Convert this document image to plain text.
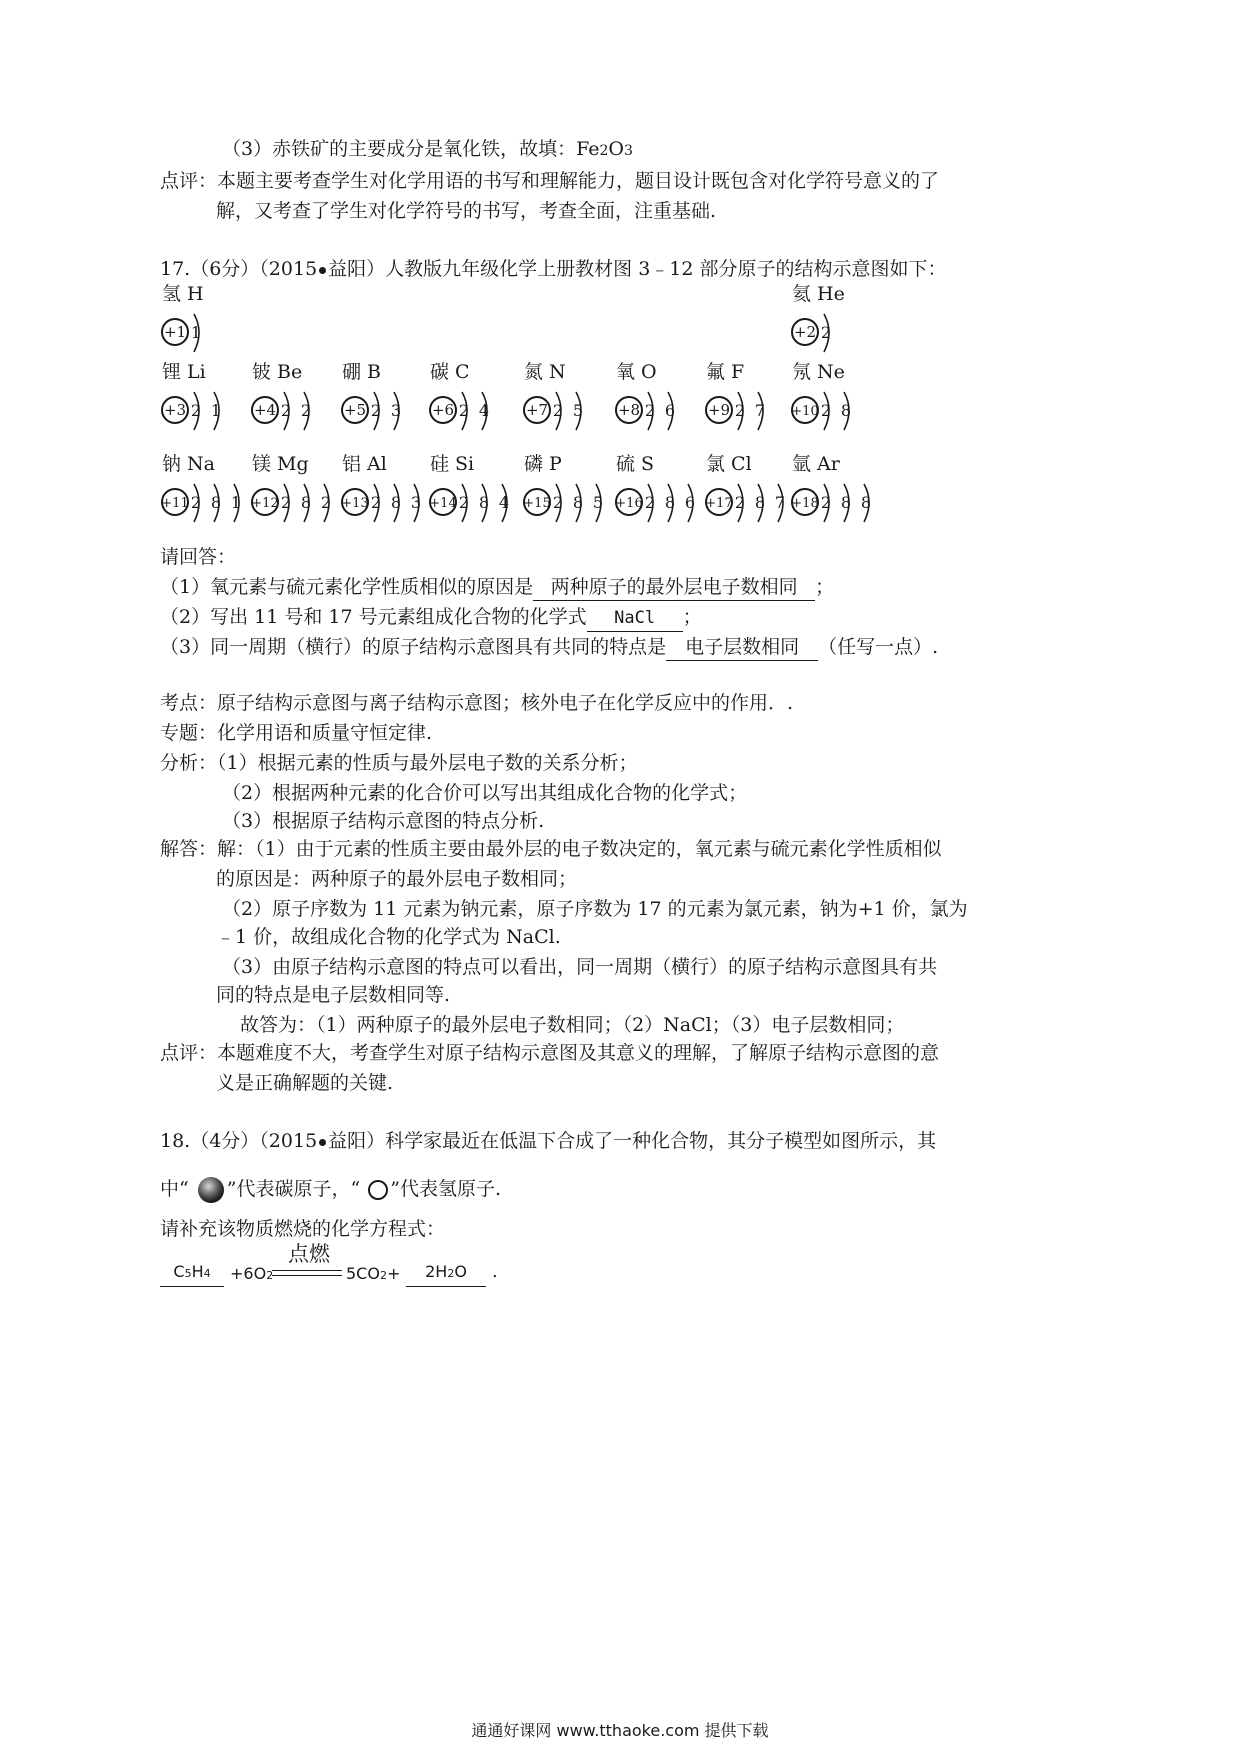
（3）赤铁矿的主要成分是氧化铁，故填：Fe2O3
点评：本题主要考查学生对化学用语的书写和理解能力，题目设计既包含对化学符号意义的了
解，又考查了学生对化学符号的书写，考查全面，注重基础.
17.（6分）（2015 益阳）人教版九年级化学上册教材图 3﹣12 部分原子的结构示意图如下：
氢 H
+1 1
氦 He
+2 2
锂 Li
+3 2 1
铍 Be
+4 2 2
硼 B
+5 2 3
碳 C
+6 2 4
氮 N
+7 2 5
氧 O
+8 2 6
氟 F
+9 2 7
氖 Ne
+10 2 8
钠 Na
+11 2 8 1
镁 Mg
+12 2 8 2
铝 Al
+13 2 8 3
硅 Si
+14 2 8 4
磷 P
+15 2 8 5
硫 S
+16 2 8 6
氯 Cl
+17 2 8 7
氩 Ar
+18 2 8 8
请回答：
（1）氧元素与硫元素化学性质相似的原因是 两种原子的最外层电子数相同 ；
（2）写出 11 号和 17 号元素组成化合物的化学式 NaCl ；
（3）同一周期（横行）的原子结构示意图具有共同的特点是 电子层数相同 （任写一点）.
考点：原子结构示意图与离子结构示意图；核外电子在化学反应中的作用．.
专题：化学用语和质量守恒定律.
分析：（1）根据元素的性质与最外层电子数的关系分析；
（2）根据两种元素的化合价可以写出其组成化合物的化学式；
（3）根据原子结构示意图的特点分析.
解答：解：（1）由于元素的性质主要由最外层的电子数决定的，氧元素与硫元素化学性质相似
的原因是：两种原子的最外层电子数相同；
（2）原子序数为 11 元素为钠元素，原子序数为 17 的元素为氯元素，钠为+1 价，氯为
﹣1 价，故组成化合物的化学式为 NaCl.
（3）由原子结构示意图的特点可以看出，同一周期（横行）的原子结构示意图具有共
同的特点是电子层数相同等.
故答为：（1）两种原子的最外层电子数相同；（2）NaCl；（3）电子层数相同；
点评：本题难度不大，考查学生对原子结构示意图及其意义的理解，了解原子结构示意图的意
义是正确解题的关键.
18.（4分）（2015 益阳）科学家最近在低温下合成了一种化合物，其分子模型如图所示，其
中“ ”代表碳原子，“ ”代表氢原子.
请补充该物质燃烧的化学方程式：
C5H4	+6O2
点燃
5CO2+	2H2O	.
通通好课网 www.tthaoke.com 提供下载
